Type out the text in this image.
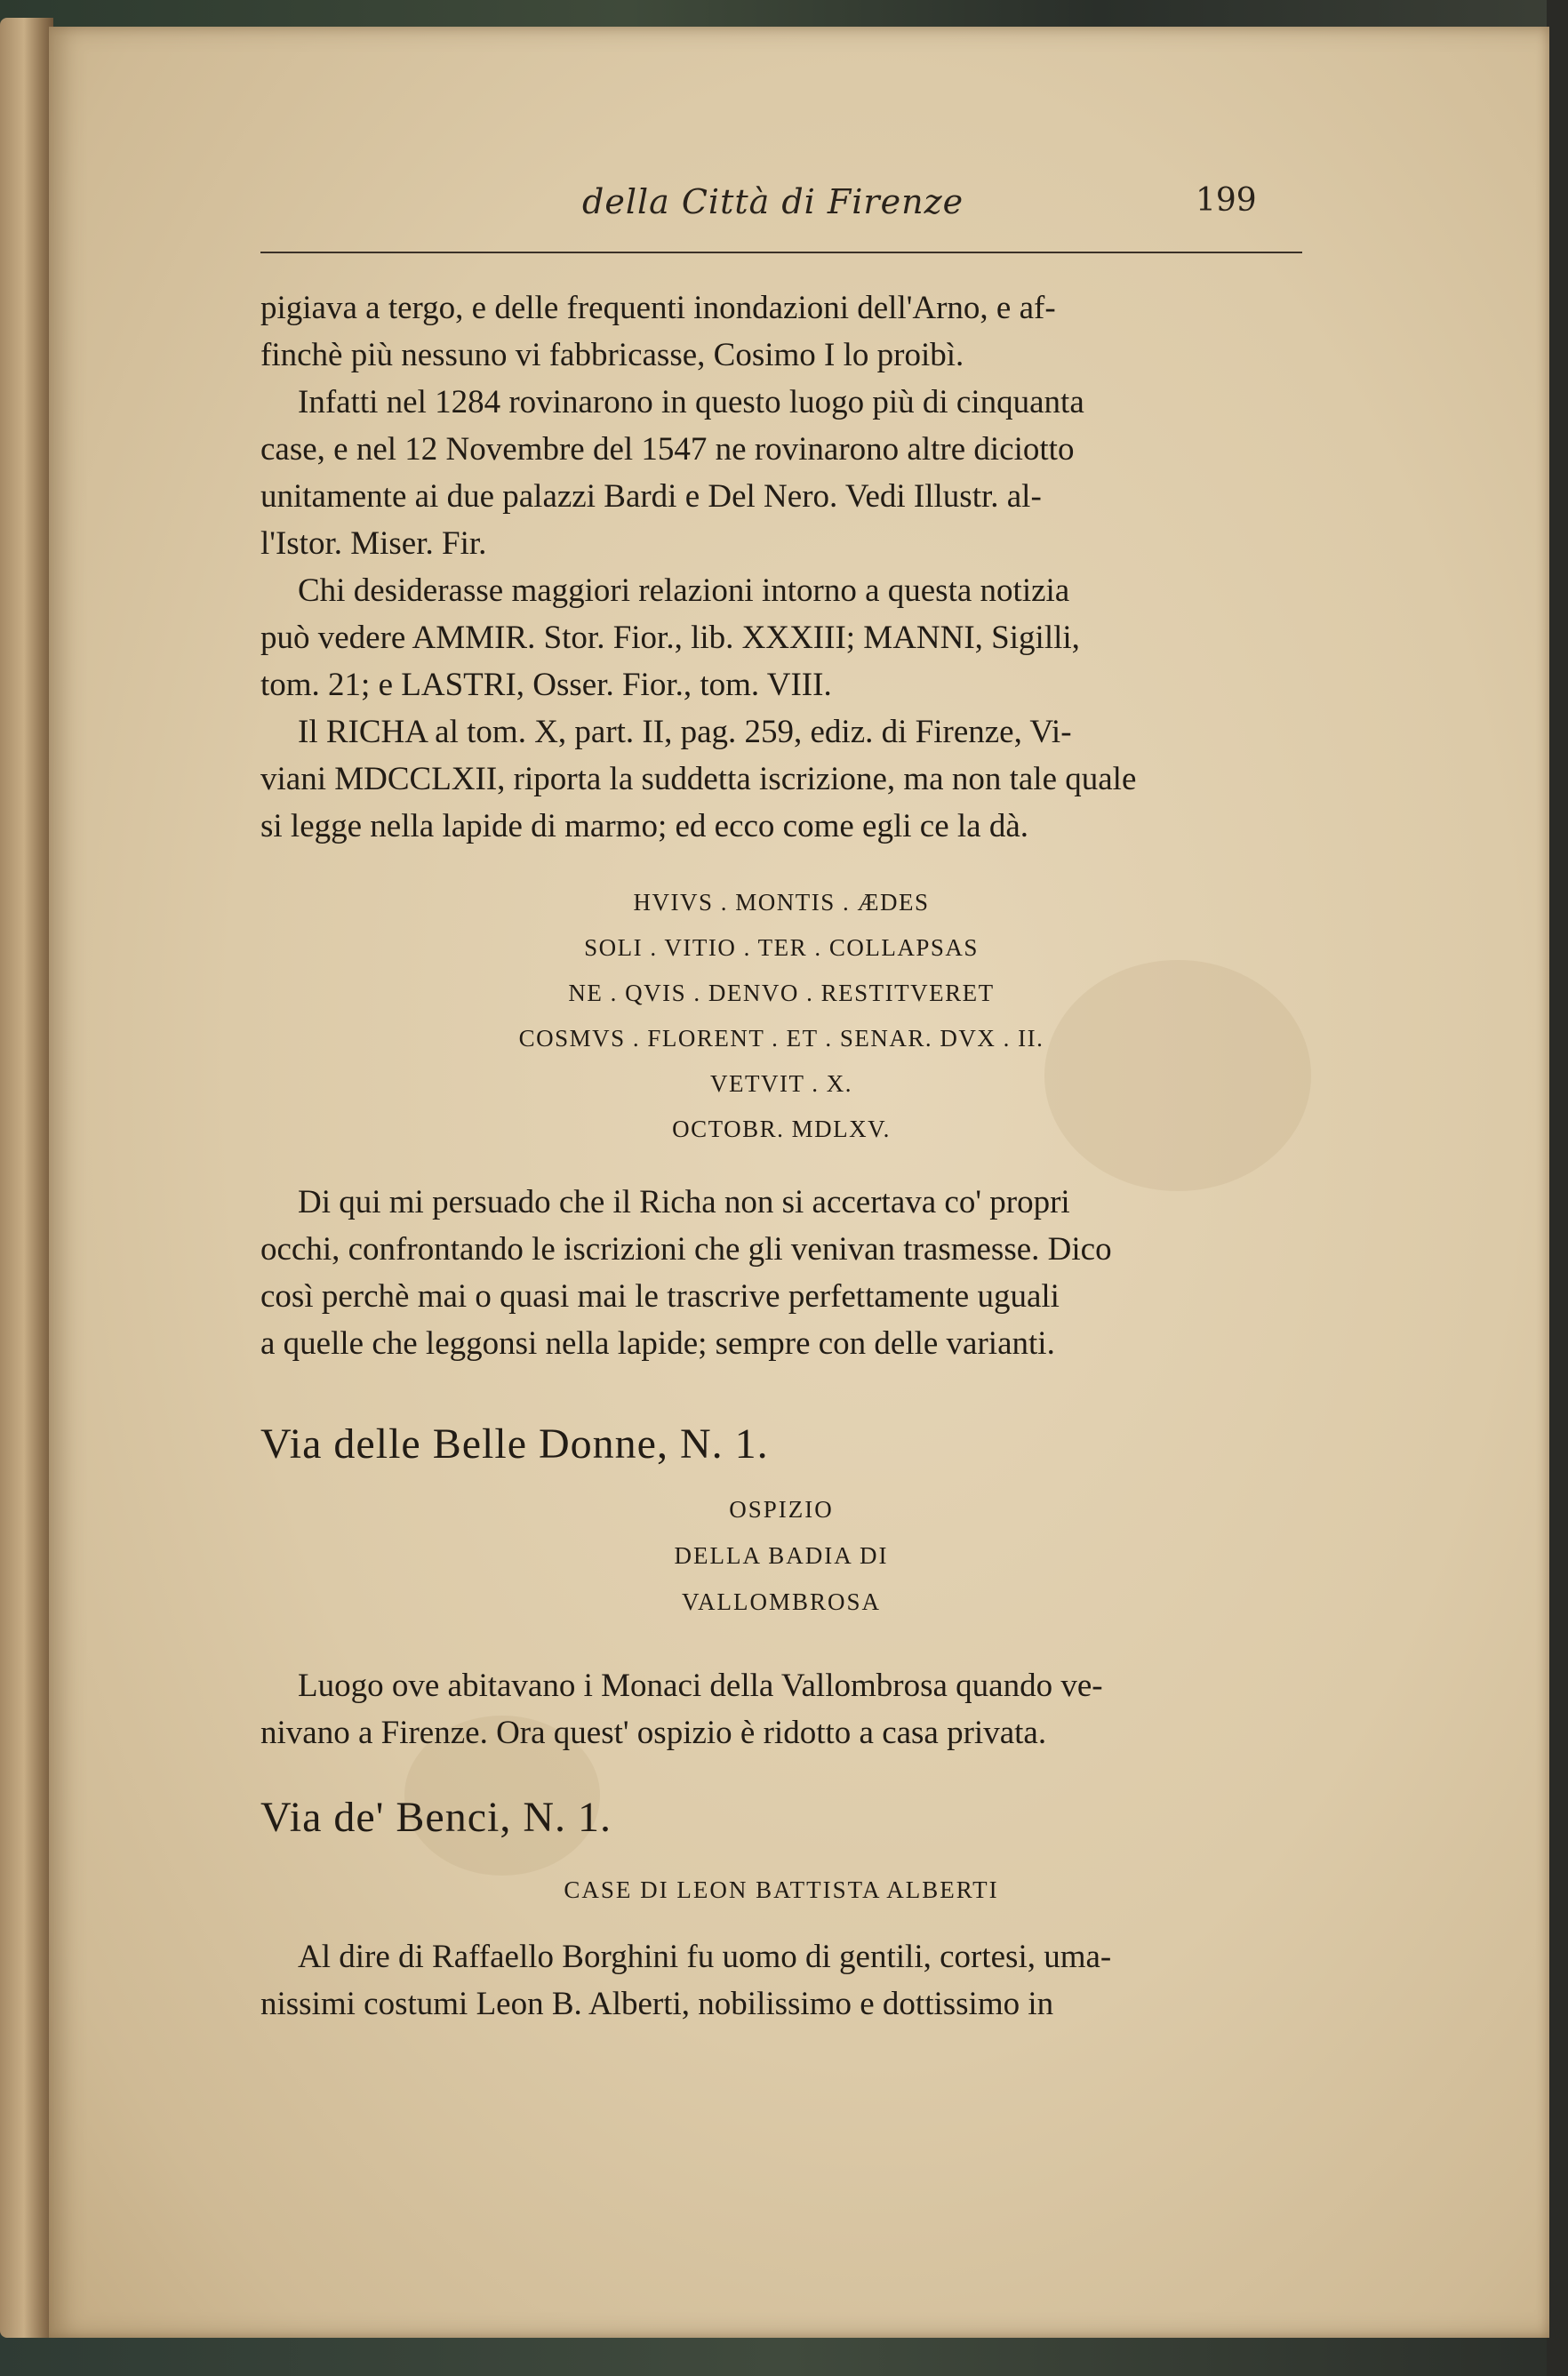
della Città di Firenze	199

pigiava a tergo, e delle frequenti inondazioni dell'Arno, e af-

finchè più nessuno vi fabbricasse, Cosimo I lo proibì.

Infatti nel 1284 rovinarono in questo luogo più di cinquanta

case, e nel 12 Novembre del 1547 ne rovinarono altre diciotto

unitamente ai due palazzi Bardi e Del Nero. Vedi Illustr. al-

l'Istor. Miser. Fir.

Chi desiderasse maggiori relazioni intorno a questa notizia

può vedere AMMIR. Stor. Fior., lib. XXXIII; MANNI, Sigilli,

tom. 21; e LASTRI, Osser. Fior., tom. VIII.

Il RICHA al tom. X, part. II, pag. 259, ediz. di Firenze, Vi-

viani MDCCLXII, riporta la suddetta iscrizione, ma non tale quale

si legge nella lapide di marmo; ed ecco come egli ce la dà.

HVIVS . MONTIS . ÆDES

SOLI . VITIO . TER . COLLAPSAS

NE . QVIS . DENVO . RESTITVERET

COSMVS . FLORENT . ET . SENAR. DVX . II.

VETVIT . X.

OCTOBR. MDLXV.

Di qui mi persuado che il Richa non si accertava co' propri

occhi, confrontando le iscrizioni che gli venivan trasmesse. Dico

così perchè mai o quasi mai le trascrive perfettamente uguali

a quelle che leggonsi nella lapide; sempre con delle varianti.

Via delle Belle Donne, N. 1.

OSPIZIO

DELLA BADIA DI

VALLOMBROSA

Luogo ove abitavano i Monaci della Vallombrosa quando ve-

nivano a Firenze. Ora quest' ospizio è ridotto a casa privata.

Via de' Benci, N. 1.

CASE DI LEON BATTISTA ALBERTI

Al dire di Raffaello Borghini fu uomo di gentili, cortesi, uma-

nissimi costumi Leon B. Alberti, nobilissimo e dottissimo in
